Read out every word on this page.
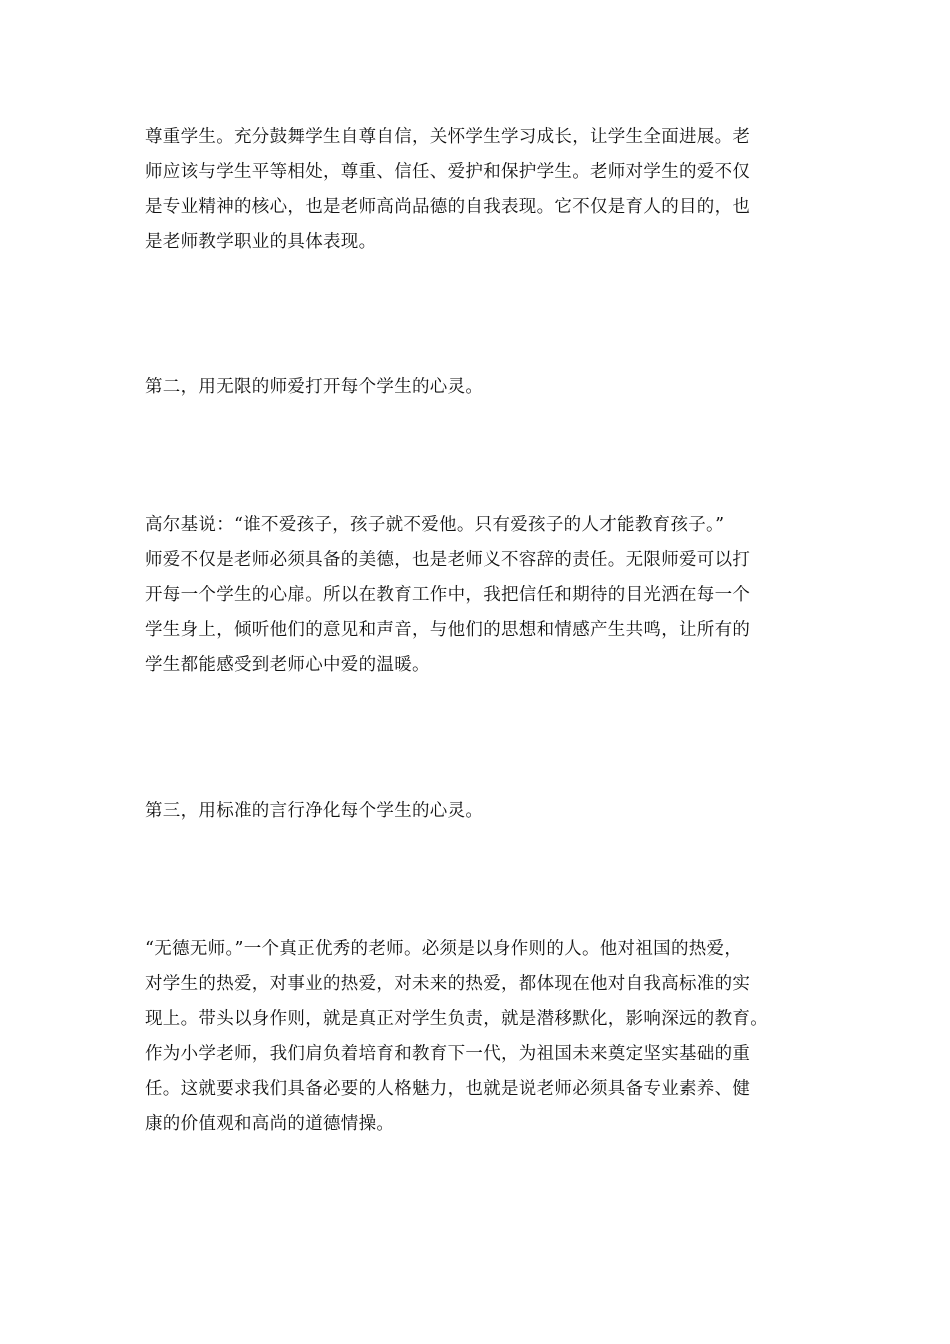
尊重学生。充分鼓舞学生自尊自信，关怀学生学习成长，让学生全面进展。老
师应该与学生平等相处，尊重、信任、爱护和保护学生。老师对学生的爱不仅
是专业精神的核心，也是老师高尚品德的自我表现。它不仅是育人的目的，也
是老师教学职业的具体表现。

第二，用无限的师爱打开每个学生的心灵。

高尔基说：“谁不爱孩子，孩子就不爱他。只有爱孩子的人才能教育孩子。”
师爱不仅是老师必须具备的美德，也是老师义不容辞的责任。无限师爱可以打
开每一个学生的心扉。所以在教育工作中，我把信任和期待的目光洒在每一个
学生身上，倾听他们的意见和声音，与他们的思想和情感产生共鸣，让所有的
学生都能感受到老师心中爱的温暖。

第三，用标准的言行净化每个学生的心灵。

“无德无师。”一个真正优秀的老师。必须是以身作则的人。他对祖国的热爱，
对学生的热爱，对事业的热爱，对未来的热爱，都体现在他对自我高标准的实
现上。带头以身作则，就是真正对学生负责，就是潜移默化，影响深远的教育。
作为小学老师，我们肩负着培育和教育下一代，为祖国未来奠定坚实基础的重
任。这就要求我们具备必要的人格魅力，也就是说老师必须具备专业素养、健
康的价值观和高尚的道德情操。
